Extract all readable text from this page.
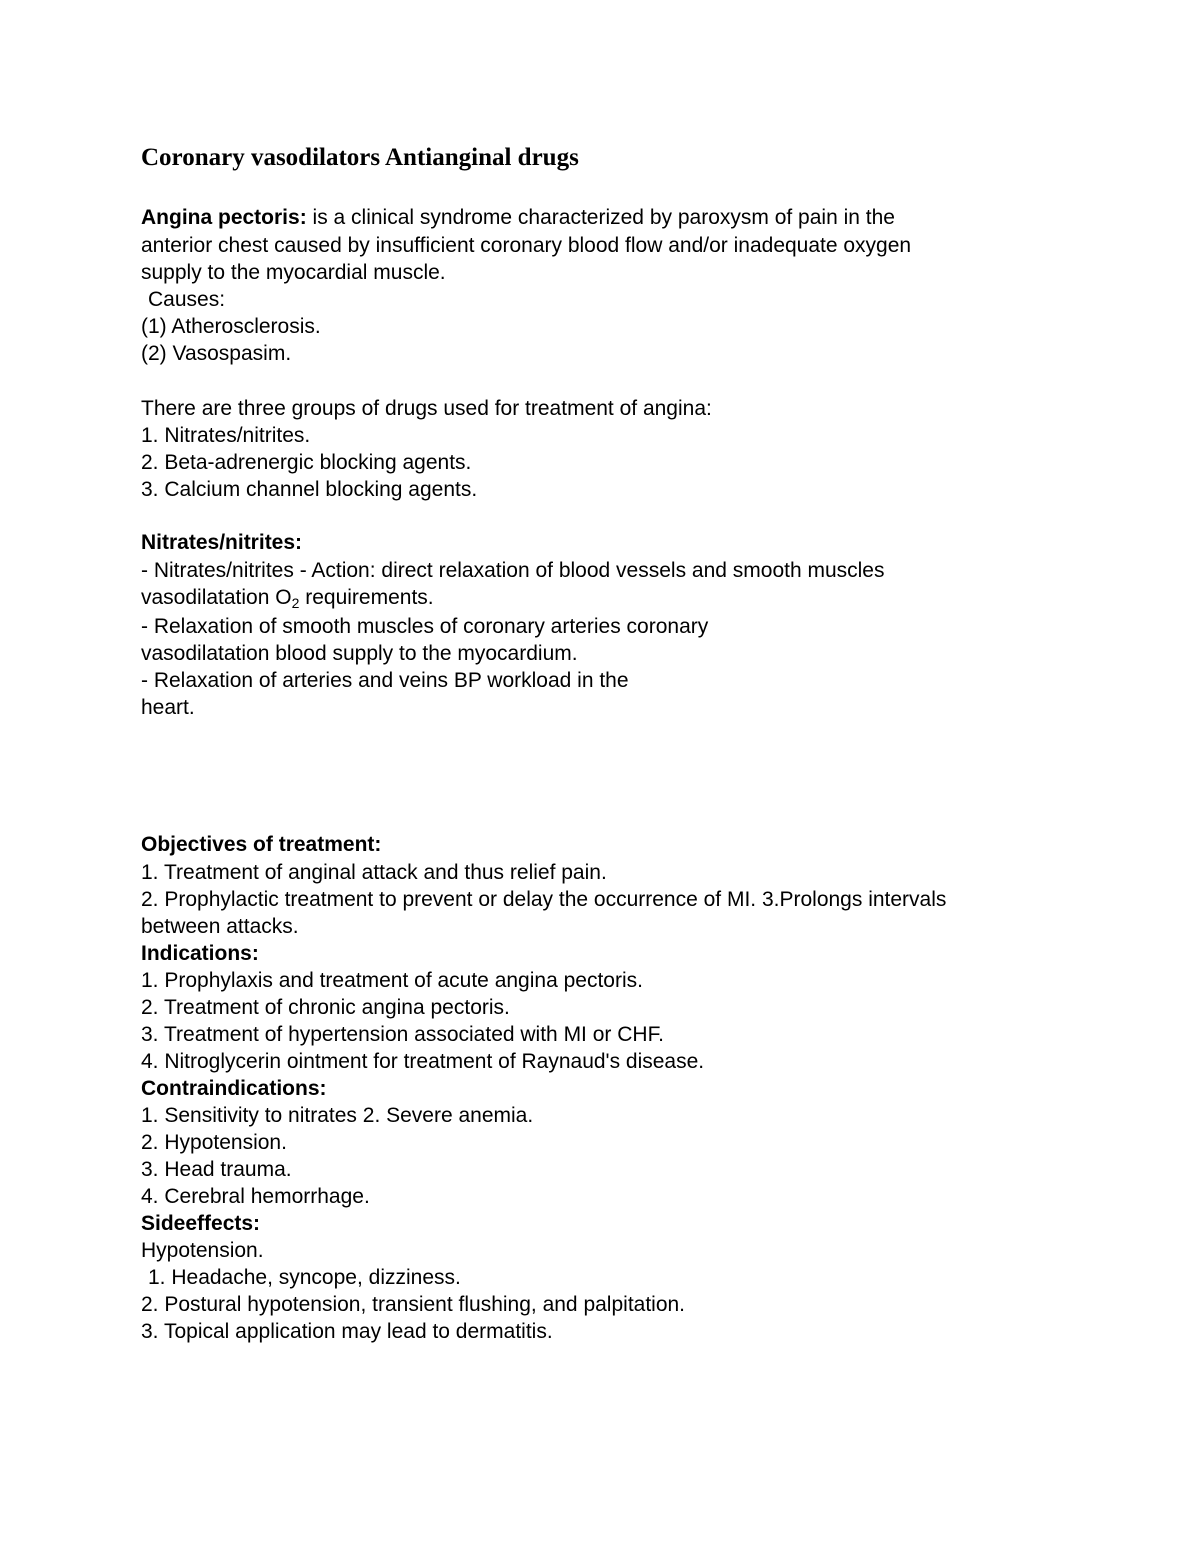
Coronary vasodilators Antianginal drugs
Angina pectoris: is a clinical syndrome characterized by paroxysm of pain in the
anterior chest caused by insufficient coronary blood flow and/or inadequate oxygen
supply to the myocardial muscle.
Causes:
(1) Atherosclerosis.
(2) Vasospasim.
There are three groups of drugs used for treatment of angina:
1. Nitrates/nitrites.
2. Beta-adrenergic blocking agents.
3. Calcium channel blocking agents.
Nitrates/nitrites:
- Nitrates/nitrites - Action: direct relaxation of blood vessels and smooth muscles
vasodilatation $O_2$ requirements.
- Relaxation of smooth muscles of coronary arteries coronary
vasodilatation blood supply to the myocardium.
- Relaxation of arteries and veins BP workload in the
heart.
Objectives of treatment:
1. Treatment of anginal attack and thus relief pain.
2. Prophylactic treatment to prevent or delay the occurrence of MI. 3.Prolongs intervals
between attacks.
Indications:
1. Prophylaxis and treatment of acute angina pectoris.
2. Treatment of chronic angina pectoris.
3. Treatment of hypertension associated with MI or CHF.
4. Nitroglycerin ointment for treatment of Raynaud's disease.
Contraindications:
1. Sensitivity to nitrates 2. Severe anemia.
2. Hypotension.
3. Head trauma.
4. Cerebral hemorrhage.
Sideeffects:
Hypotension.
1. Headache, syncope, dizziness.
2. Postural hypotension, transient flushing, and palpitation.
3. Topical application may lead to dermatitis.
